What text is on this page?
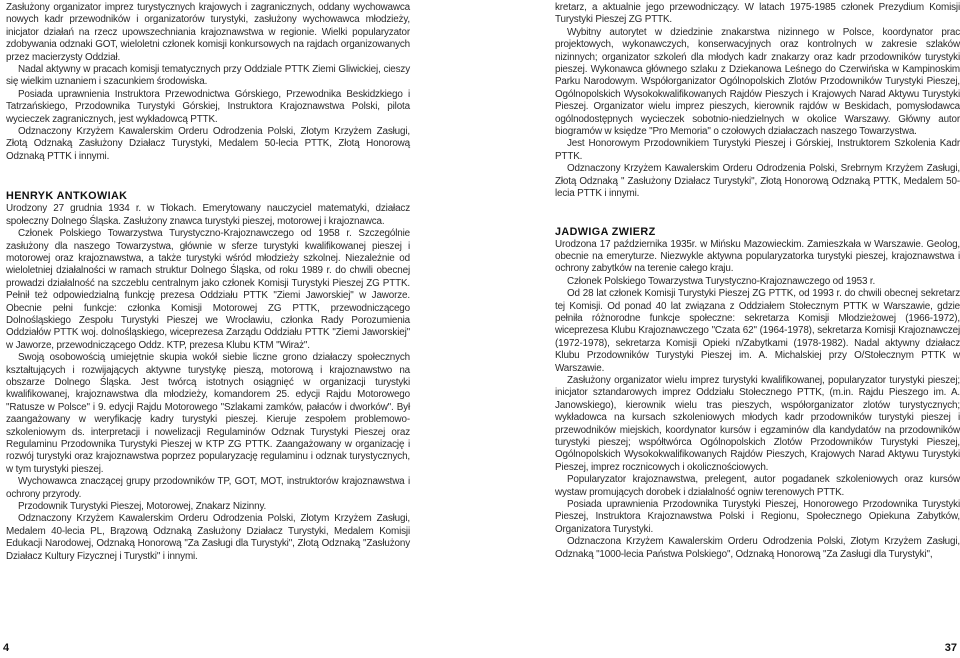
Zasłużony organizator imprez turystycznych krajowych i zagranicznych, oddany wychowawca nowych kadr przewodników i organizatorów turystyki, zasłużony wychowawca młodzieży, inicjator działań na rzecz upowszechniania krajoznawstwa w regionie. Wielki popularyzator zdobywania odznaki GOT, wieloletni członek komisji konkursowych na rajdach organizowanych przez macierzysty Oddział.

Nadal aktywny w pracach komisji tematycznych przy Oddziale PTTK Ziemi Gliwickiej, cieszy się wielkim uznaniem i szacunkiem środowiska.

Posiada uprawnienia Instruktora Przewodnictwa Górskiego, Przewodnika Beskidzkiego i Tatrzańskiego, Przodownika Turystyki Górskiej, Instruktora Krajoznawstwa Polski, pilota wycieczek zagranicznych, jest wykładowcą PTTK.

Odznaczony Krzyżem Kawalerskim Orderu Odrodzenia Polski, Złotym Krzyżem Zasługi, Złotą Odznaką Zasłużony Działacz Turystyki, Medalem 50-lecia PTTK, Złotą Honorową Odznaką PTTK i innymi.

HENRYK ANTKOWIAK

Urodzony 27 grudnia 1934 r. w Tłokach. Emerytowany nauczyciel matematyki, działacz społeczny Dolnego Śląska. Zasłużony znawca turystyki pieszej, motorowej i krajoznawca.

Członek Polskiego Towarzystwa Turystyczno-Krajoznawczego od 1958 r. Szczególnie zasłużony dla naszego Towarzystwa, głównie w sferze turystyki kwalifikowanej pieszej i motorowej oraz krajoznawstwa, a także turystyki wśród młodzieży szkolnej. Niezależnie od wieloletniej działalności w ramach struktur Dolnego Śląska, od roku 1989 r. do chwili obecnej prowadzi działalność na szczeblu centralnym jako członek Komisji Turystyki Pieszej ZG PTTK. Pełnił też odpowiedzialną funkcję prezesa Oddziału PTTK "Ziemi Jaworskiej" w Jaworze. Obecnie pełni funkcje: członka Komisji Motorowej ZG PTTK, przewodniczącego Dolnośląskiego Zespołu Turystyki Pieszej we Wrocławiu, członka Rady Porozumienia Oddziałów PTTK woj. dolnośląskiego, wiceprezesa Zarządu Oddziału PTTK "Ziemi Jaworskiej" w Jaworze, przewodniczącego Oddz. KTP, prezesa Klubu KTM "Wiraż".

Swoją osobowością umiejętnie skupia wokół siebie liczne grono działaczy społecznych kształtujących i rozwijających aktywne turystykę pieszą, motorową i krajoznawstwo na obszarze Dolnego Śląska. Jest twórcą istotnych osiągnięć w organizacji turystyki kwalifikowanej, krajoznawstwa dla młodzieży, komandorem 25. edycji Rajdu Motorowego "Ratusze w Polsce" i 9. edycji Rajdu Motorowego "Szlakami zamków, pałaców i dworków". Był zaangażowany w weryfikację kadry turystyki pieszej. Kieruje zespołem problemowo-szkoleniowym ds. interpretacji i nowelizacji Regulaminów Odznak Turystyki Pieszej oraz Regulaminu Przodownika Turystyki Pieszej w KTP ZG PTTK. Zaangażowany w organizację i rozwój turystyki oraz krajoznawstwa poprzez popularyzację regulaminu i odznak turystycznych, w tym turystyki pieszej.

Wychowawca znaczącej grupy przodowników TP, GOT, MOT, instruktorów krajoznawstwa i ochrony przyrody.

Przodownik Turystyki Pieszej, Motorowej, Znakarz Nizinny.

Odznaczony Krzyżem Kawalerskim Orderu Odrodzenia Polski, Złotym Krzyżem Zasługi, Medalem 40-lecia PL, Brązową Odznaką Zasłużony Działacz Turystyki, Medalem Komisji Edukacji Narodowej, Odznaką Honorową "Za Zasługi dla Turystyki", Złotą Odznaką "Zasłużony Działacz Kultury Fizycznej i Turystki" i innymi.

kretarz, a aktualnie jego przewodniczący. W latach 1975-1985 członek Prezydium Komisji Turystyki Pieszej ZG PTTK.

Wybitny autorytet w dziedzinie znakarstwa nizinnego w Polsce, koordynator prac projektowych, wykonawczych, konserwacyjnych oraz kontrolnych w zakresie szlaków nizinnych; organizator szkoleń dla młodych kadr znakarzy oraz kadr przodowników turystyki pieszej. Wykonawca głównego szlaku z Dziekanowa Leśnego do Czerwińska w Kampinoskim Parku Narodowym. Współorganizator Ogólnopolskich Zlotów Przodowników Turystyki Pieszej, Ogólnopolskich Wysokokwalifikowanych Rajdów Pieszych i Krajowych Narad Aktywu Turystyki Pieszej. Organizator wielu imprez pieszych, kierownik rajdów w Beskidach, pomysłodawca ogólnodostępnych wycieczek sobotnio-niedzielnych w okolice Warszawy. Główny autor biogramów w księdze "Pro Memoria" o czołowych działaczach naszego Towarzystwa.

Jest Honorowym Przodownikiem Turystyki Pieszej i Górskiej, Instruktorem Szkolenia Kadr PTTK.

Odznaczony Krzyżem Kawalerskim Orderu Odrodzenia Polski, Srebrnym Krzyżem Zasługi, Złotą Odznaką " Zasłużony Działacz Turystyki", Złotą Honorową Odznaką PTTK, Medalem 50-lecia PTTK i innymi.

JADWIGA ZWIERZ

Urodzona 17 października 1935r. w Mińsku Mazowieckim. Zamieszkała w Warszawie. Geolog, obecnie na emeryturze. Niezwykle aktywna popularyzatorka turystyki pieszej, krajoznawstwa i ochrony zabytków na terenie całego kraju.

Członek Polskiego Towarzystwa Turystyczno-Krajoznawczego od 1953 r.

Od 28 lat członek Komisji Turystyki Pieszej ZG PTTK, od 1993 r. do chwili obecnej sekretarz tej Komisji. Od ponad 40 lat związana z Oddziałem Stołecznym PTTK w Warszawie, gdzie pełniła różnorodne funkcje społeczne: sekretarza Komisji Młodzieżowej (1966-1972), wiceprezesa Klubu Krajoznawczego "Czata 62" (1964-1978), sekretarza Komisji Krajoznawczej (1972-1978), sekretarza Komisji Opieki n/Zabytkami (1978-1982). Nadal aktywny działacz Klubu Przodowników Turystyki Pieszej im. A. Michalskiej przy O/Stołecznym PTTK w Warszawie.

Zasłużony organizator wielu imprez turystyki kwalifikowanej, popularyzator turystyki pieszej; inicjator sztandarowych imprez Oddziału Stołecznego PTTK, (m.in. Rajdu Pieszego im. A. Janowskiego), kierownik wielu tras pieszych, współorganizator zlotów turystycznych; wykładowca na kursach szkoleniowych młodych kadr przodowników turystyki pieszej i przewodników miejskich, koordynator kursów i egzaminów dla kandydatów na przodowników turystyki pieszej; współtwórca Ogólnopolskich Zlotów Przodowników Turystyki Pieszej, Ogólnopolskich Wysokokwalifikowanych Rajdów Pieszych, Krajowych Narad Aktywu Turystyki Pieszej, imprez rocznicowych i okolicznościowych.

Popularyzator krajoznawstwa, prelegent, autor pogadanek szkoleniowych oraz kursów wystaw promujących dorobek i działalność ogniw terenowych PTTK.

Posiada uprawnienia Przodownika Turystyki Pieszej, Honorowego Przodownika Turystyki Pieszej, Instruktora Krajoznawstwa Polski i Regionu, Społecznego Opiekuna Zabytków, Organizatora Turystyki.

Odznaczona Krzyżem Kawalerskim Orderu Odrodzenia Polski, Złotym Krzyżem Zasługi, Odznaką "1000-lecia Państwa Polskiego", Odznaką Honorową "Za Zasługi dla Turystyki",

4	37
